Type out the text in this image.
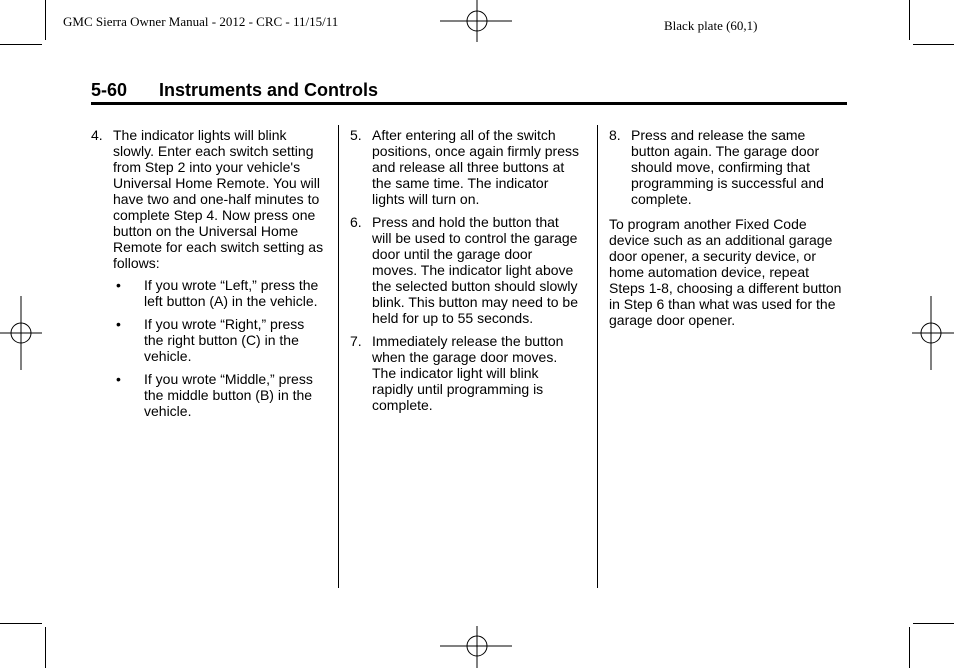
GMC Sierra Owner Manual - 2012 - CRC - 11/15/11	Black plate (60,1)
5-60 Instruments and Controls
4. The indicator lights will blink slowly. Enter each switch setting from Step 2 into your vehicle's Universal Home Remote. You will have two and one-half minutes to complete Step 4. Now press one button on the Universal Home Remote for each switch setting as follows:
•	If you wrote “Left,” press the left button (A) in the vehicle.
•	If you wrote “Right,” press the right button (C) in the vehicle.
•	If you wrote “Middle,” press the middle button (B) in the vehicle.
5. After entering all of the switch positions, once again firmly press and release all three buttons at the same time. The indicator lights will turn on.
6. Press and hold the button that will be used to control the garage door until the garage door moves. The indicator light above the selected button should slowly blink. This button may need to be held for up to 55 seconds.
7. Immediately release the button when the garage door moves. The indicator light will blink rapidly until programming is complete.
8. Press and release the same button again. The garage door should move, confirming that programming is successful and complete.
To program another Fixed Code device such as an additional garage door opener, a security device, or home automation device, repeat Steps 1-8, choosing a different button in Step 6 than what was used for the garage door opener.
